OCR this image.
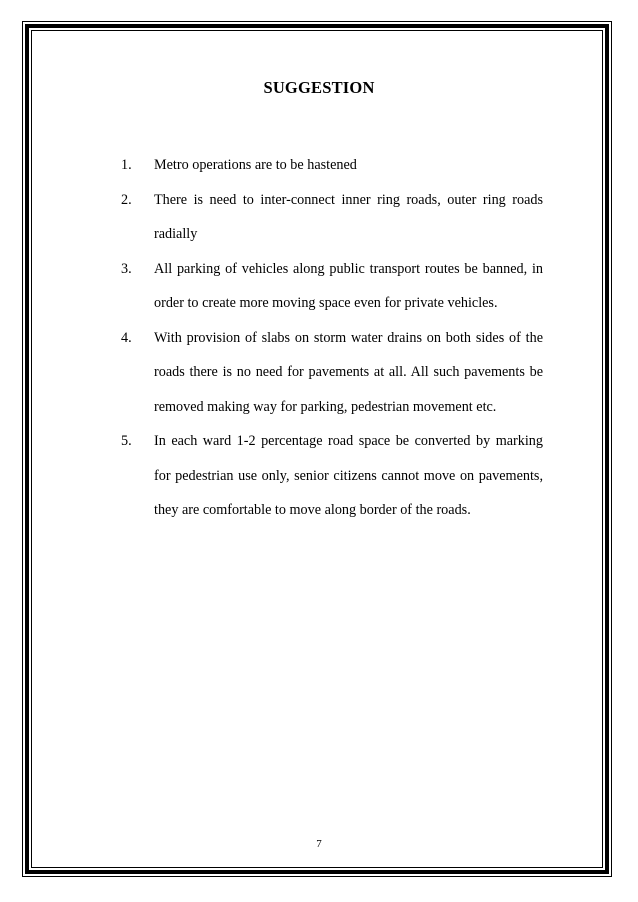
SUGGESTION
1. Metro operations are to be hastened
2. There is need to inter-connect inner ring roads, outer ring roads radially
3. All parking of vehicles along public transport routes be banned, in order to create more moving space even for private vehicles.
4. With provision of slabs on storm water drains on both sides of the roads there is no need for pavements at all. All such pavements be removed making way for parking, pedestrian movement etc.
5. In each ward 1-2 percentage road space be converted by marking for pedestrian use only, senior citizens cannot move on pavements, they are comfortable to move along border of the roads.
7
